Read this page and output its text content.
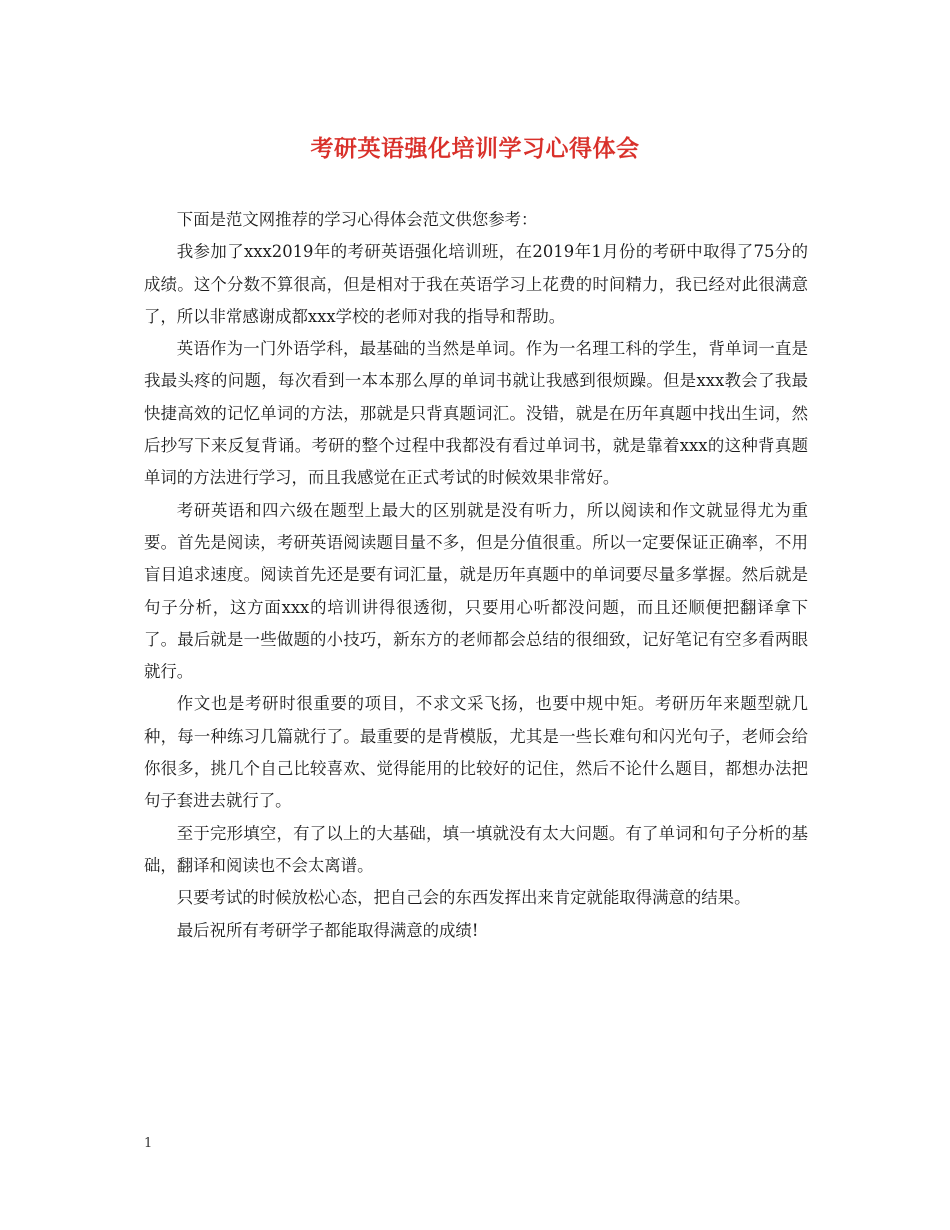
考研英语强化培训学习心得体会

下面是范文网推荐的学习心得体会范文供您参考：

我参加了xxx2019年的考研英语强化培训班，在2019年1月份的考研中取得了75分的成绩。这个分数不算很高，但是相对于我在英语学习上花费的时间精力，我已经对此很满意了，所以非常感谢成都xxx学校的老师对我的指导和帮助。

英语作为一门外语学科，最基础的当然是单词。作为一名理工科的学生，背单词一直是我最头疼的问题，每次看到一本本那么厚的单词书就让我感到很烦躁。但是xxx教会了我最快捷高效的记忆单词的方法，那就是只背真题词汇。没错，就是在历年真题中找出生词，然后抄写下来反复背诵。考研的整个过程中我都没有看过单词书，就是靠着xxx的这种背真题单词的方法进行学习，而且我感觉在正式考试的时候效果非常好。

考研英语和四六级在题型上最大的区别就是没有听力，所以阅读和作文就显得尤为重要。首先是阅读，考研英语阅读题目量不多，但是分值很重。所以一定要保证正确率，不用盲目追求速度。阅读首先还是要有词汇量，就是历年真题中的单词要尽量多掌握。然后就是句子分析，这方面xxx的培训讲得很透彻，只要用心听都没问题，而且还顺便把翻译拿下了。最后就是一些做题的小技巧，新东方的老师都会总结的很细致，记好笔记有空多看两眼就行。

作文也是考研时很重要的项目，不求文采飞扬，也要中规中矩。考研历年来题型就几种，每一种练习几篇就行了。最重要的是背模版，尤其是一些长难句和闪光句子，老师会给你很多，挑几个自己比较喜欢、觉得能用的比较好的记住，然后不论什么题目，都想办法把句子套进去就行了。

至于完形填空，有了以上的大基础，填一填就没有太大问题。有了单词和句子分析的基础，翻译和阅读也不会太离谱。

只要考试的时候放松心态，把自己会的东西发挥出来肯定就能取得满意的结果。

最后祝所有考研学子都能取得满意的成绩!

1
